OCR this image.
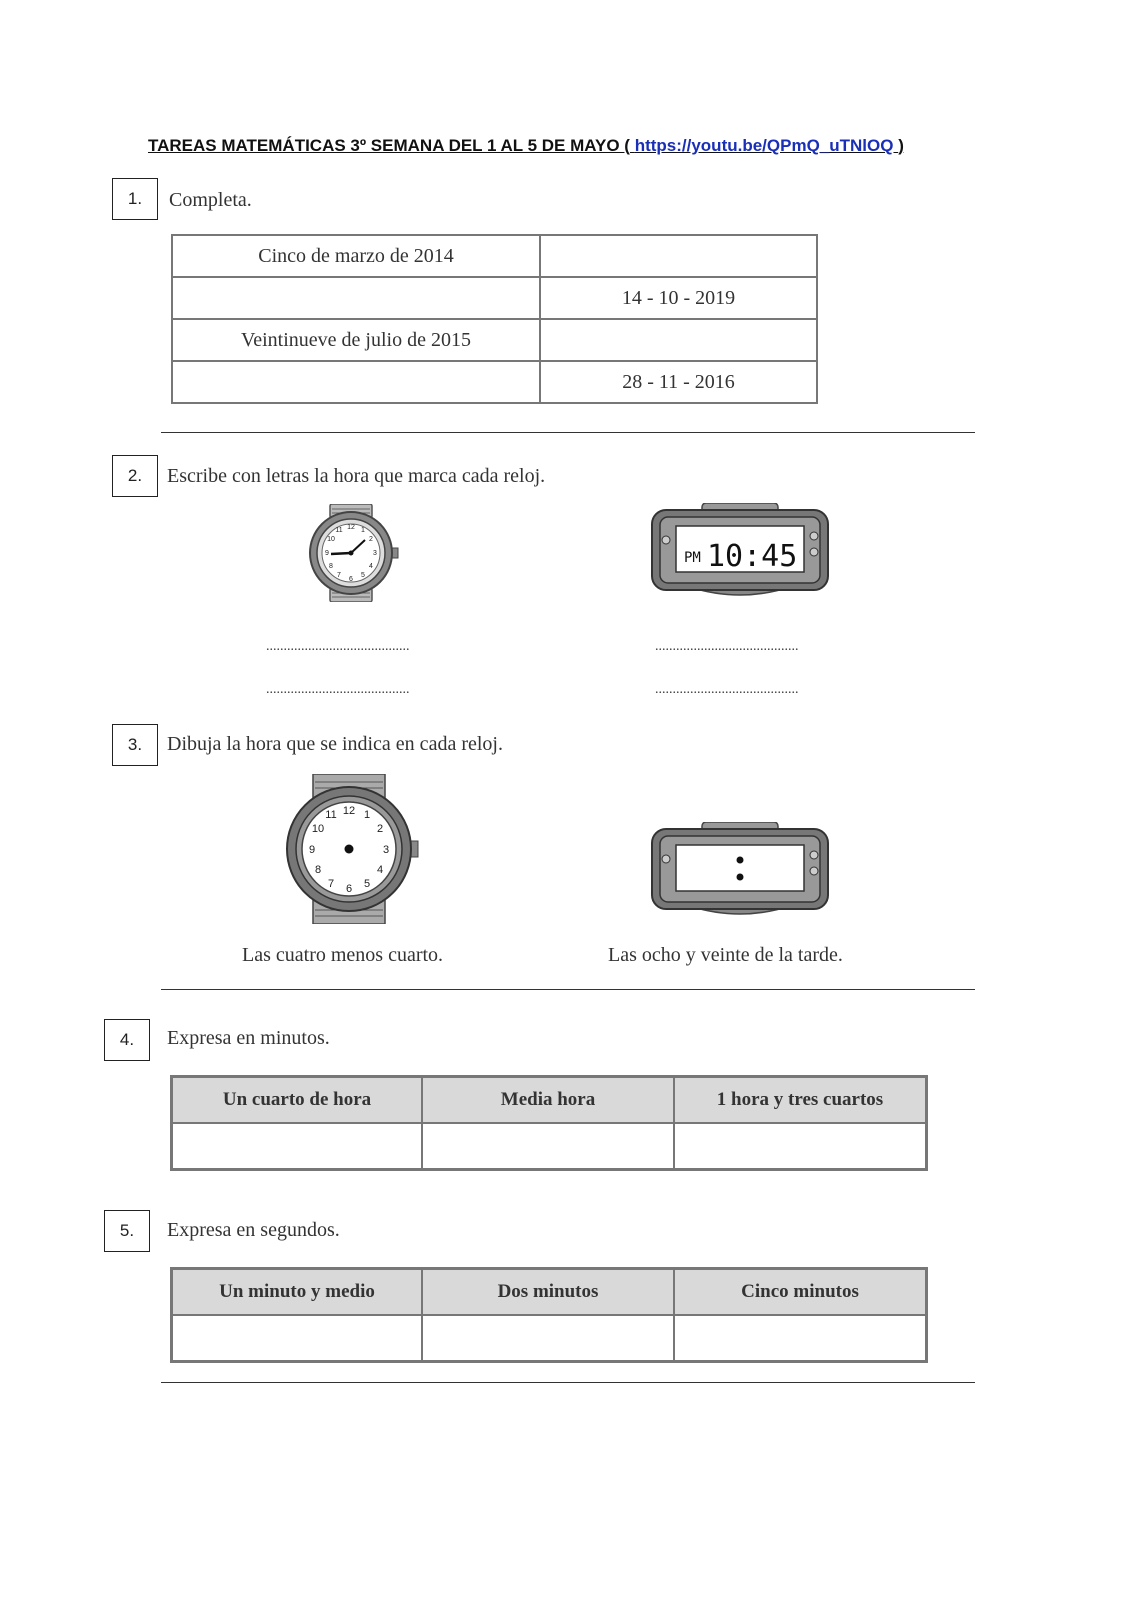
TAREAS MATEMÁTICAS 3º SEMANA DEL 1 AL 5 DE MAYO ( https://youtu.be/QPmQ_uTNlOQ )
1.	Completa.
Cinco de marzo de 2014	
	14 - 10 - 2019
Veintinueve de julio de 2015	
	28 - 11 - 2016
2.	Escribe con letras la hora que marca cada reloj.
12 1
2
3
4
5
6
7
8
9
10
11
PM 10:45
.........................................
.........................................
.........................................
.........................................
3.	Dibuja la hora que se indica en cada reloj.
12 1
2
3
4
5
6
7
8
9
10
11
Las cuatro menos cuarto.	Las ocho y veinte de la tarde.
4.	Expresa en minutos.
Un cuarto de hora	Media hora	1 hora y tres cuartos

5.	Expresa en segundos.
Un minuto y medio	Dos minutos	Cinco minutos
